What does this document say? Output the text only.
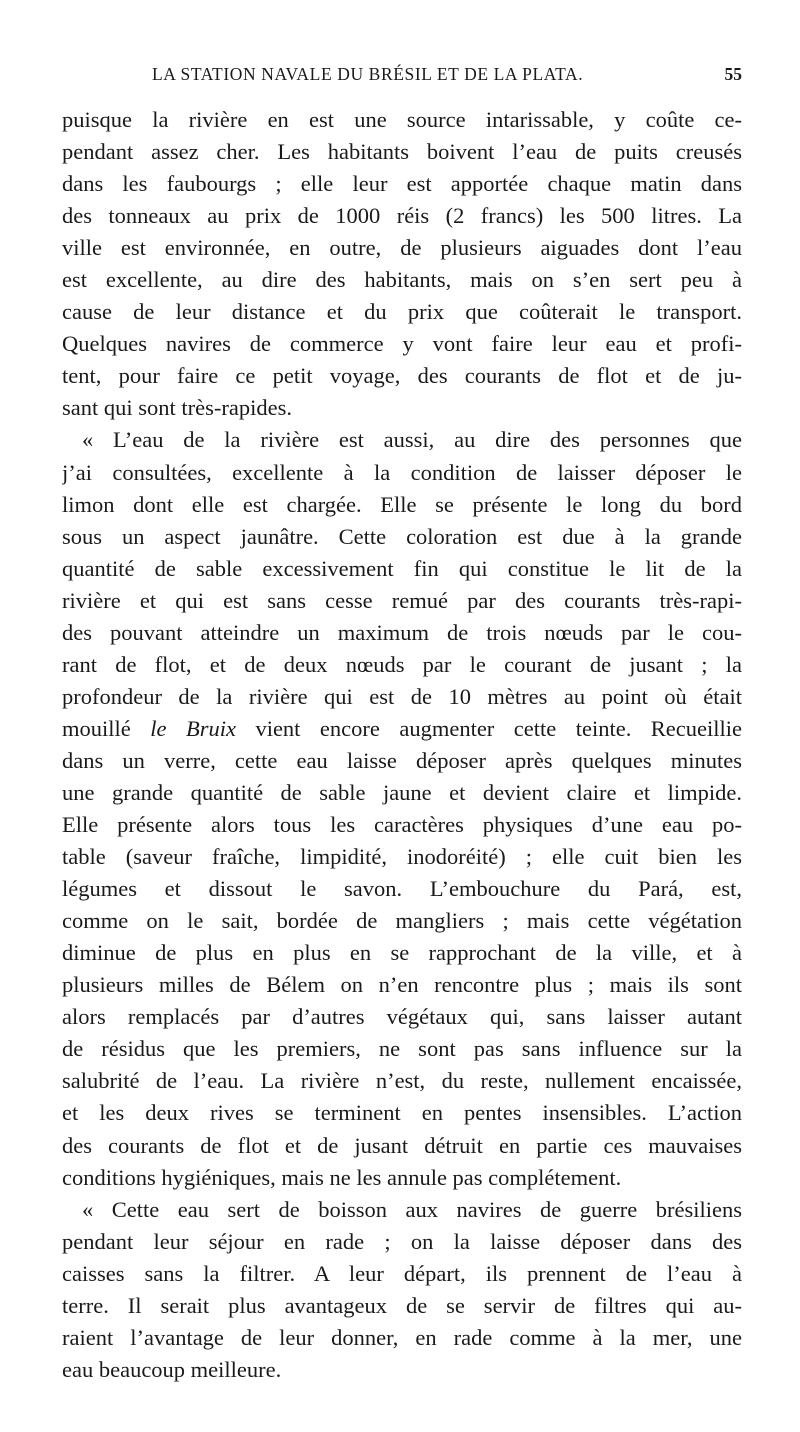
LA STATION NAVALE DU BRÉSIL ET DE LA PLATA.	55
puisque la rivière en est une source intarissable, y coûte ce-
pendant assez cher. Les habitants boivent l’eau de puits creusés
dans les faubourgs ; elle leur est apportée chaque matin dans
des tonneaux au prix de 1000 réis (2 francs) les 500 litres. La
ville est environnée, en outre, de plusieurs aiguades dont l’eau
est excellente, au dire des habitants, mais on s’en sert peu à
cause de leur distance et du prix que coûterait le transport.
Quelques navires de commerce y vont faire leur eau et profi-
tent, pour faire ce petit voyage, des courants de flot et de ju-
sant qui sont très-rapides.
« L’eau de la rivière est aussi, au dire des personnes que
j’ai consultées, excellente à la condition de laisser déposer le
limon dont elle est chargée. Elle se présente le long du bord
sous un aspect jaunâtre. Cette coloration est due à la grande
quantité de sable excessivement fin qui constitue le lit de la
rivière et qui est sans cesse remué par des courants très-rapi-
des pouvant atteindre un maximum de trois nœuds par le cou-
rant de flot, et de deux nœuds par le courant de jusant ; la
profondeur de la rivière qui est de 10 mètres au point où était
mouillé le Bruix vient encore augmenter cette teinte. Recueillie
dans un verre, cette eau laisse déposer après quelques minutes
une grande quantité de sable jaune et devient claire et limpide.
Elle présente alors tous les caractères physiques d’une eau po-
table (saveur fraîche, limpidité, inodoréité) ; elle cuit bien les
légumes et dissout le savon. L’embouchure du Pará, est,
comme on le sait, bordée de mangliers ; mais cette végétation
diminue de plus en plus en se rapprochant de la ville, et à
plusieurs milles de Bélem on n’en rencontre plus ; mais ils sont
alors remplacés par d’autres végétaux qui, sans laisser autant
de résidus que les premiers, ne sont pas sans influence sur la
salubrité de l’eau. La rivière n’est, du reste, nullement encaissée,
et les deux rives se terminent en pentes insensibles. L’action
des courants de flot et de jusant détruit en partie ces mauvaises
conditions hygiéniques, mais ne les annule pas complétement.
« Cette eau sert de boisson aux navires de guerre brésiliens
pendant leur séjour en rade ; on la laisse déposer dans des
caisses sans la filtrer. A leur départ, ils prennent de l’eau à
terre. Il serait plus avantageux de se servir de filtres qui au-
raient l’avantage de leur donner, en rade comme à la mer, une
eau beaucoup meilleure.
